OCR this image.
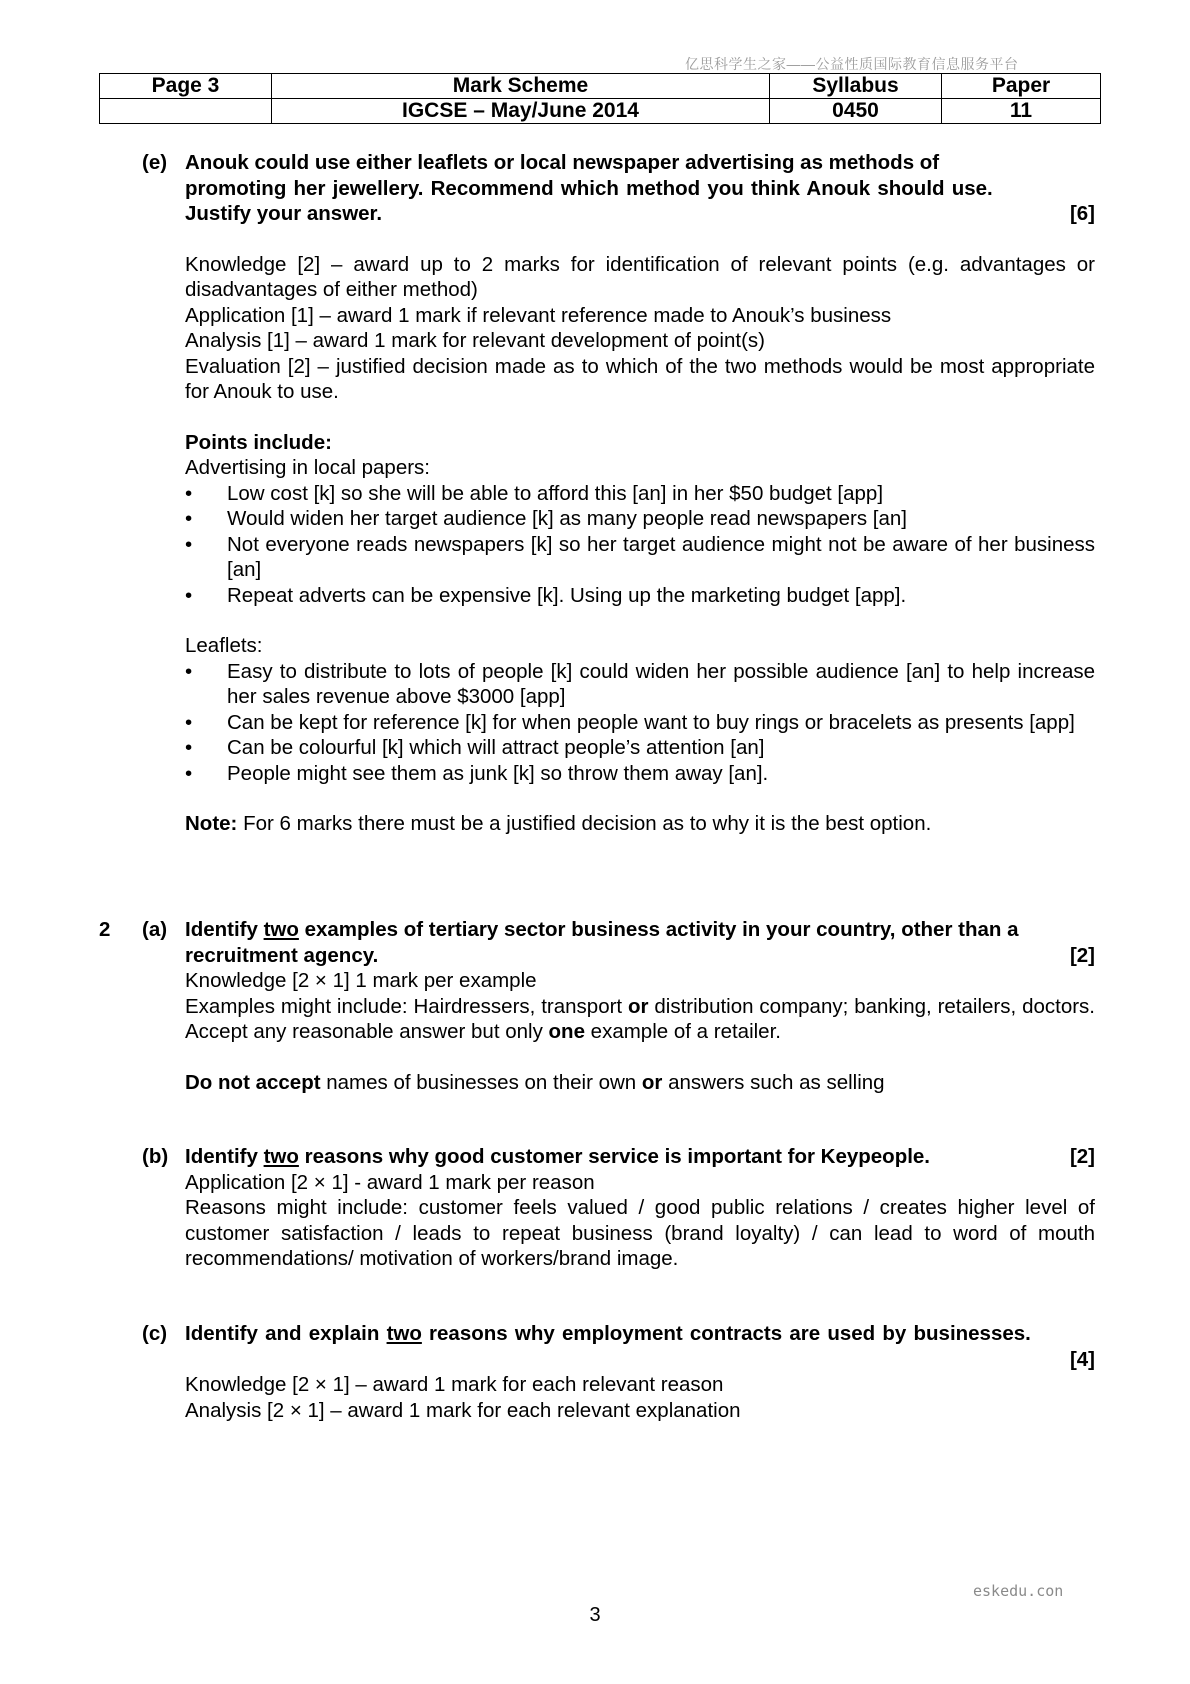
亿思科学生之家——公益性质国际教育信息服务平台
Page 3	Mark Scheme	Syllabus	Paper
	IGCSE – May/June 2014	0450	11
(e) Anouk could use either leaflets or local newspaper advertising as methods of
promoting her jewellery. Recommend which method you think Anouk should use.
Justify your answer.	[6]
Knowledge [2] – award up to 2 marks for identification of relevant points (e.g. advantages or disadvantages of either method)
Application [1] – award 1 mark if relevant reference made to Anouk’s business
Analysis [1] – award 1 mark for relevant development of point(s)
Evaluation [2] – justified decision made as to which of the two methods would be most appropriate for Anouk to use.
Points include:
Advertising in local papers:
• Low cost [k] so she will be able to afford this [an] in her $50 budget [app]
• Would widen her target audience [k] as many people read newspapers [an]
• Not everyone reads newspapers [k] so her target audience might not be aware of her business [an]
• Repeat adverts can be expensive [k]. Using up the marketing budget [app].
Leaflets:
• Easy to distribute to lots of people [k] could widen her possible audience [an] to help increase her sales revenue above $3000 [app]
• Can be kept for reference [k] for when people want to buy rings or bracelets as presents [app]
• Can be colourful [k] which will attract people’s attention [an]
• People might see them as junk [k] so throw them away [an].
Note: For 6 marks there must be a justified decision as to why it is the best option.
2 (a) Identify two examples of tertiary sector business activity in your country, other than a
recruitment agency.	[2]
Knowledge [2 × 1] 1 mark per example
Examples might include: Hairdressers, transport or distribution company; banking, retailers, doctors. Accept any reasonable answer but only one example of a retailer.
Do not accept names of businesses on their own or answers such as selling
(b) Identify two reasons why good customer service is important for Keypeople.	[2]
Application [2 × 1] - award 1 mark per reason
Reasons might include: customer feels valued / good public relations / creates higher level of customer satisfaction / leads to repeat business (brand loyalty) / can lead to word of mouth recommendations/ motivation of workers/brand image.
(c) Identify and explain two reasons why employment contracts are used by businesses.
[4]
Knowledge [2 × 1] – award 1 mark for each relevant reason
Analysis [2 × 1] – award 1 mark for each relevant explanation
eskedu.con
3
